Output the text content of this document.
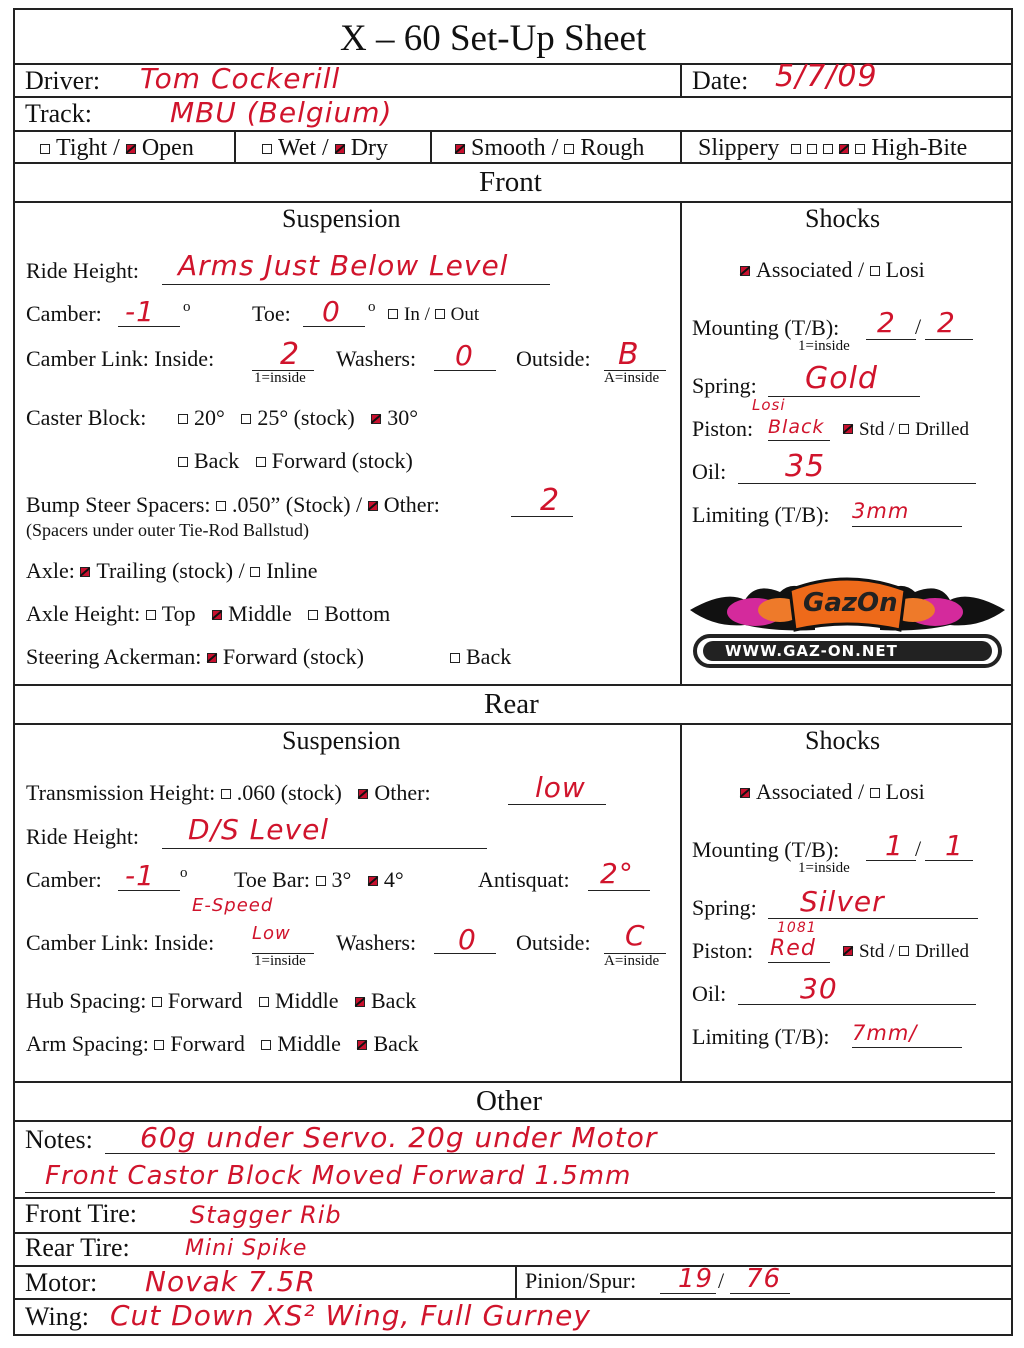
X – 60 Set-Up Sheet
Driver: Tom Cockerill	Date: 5/7/09
Track:	MBU (Belgium)
Tight / Open	Wet / Dry	Smooth / Rough Slippery	High-Bite
Front
Suspension	Shocks
Ride Height: Arms Just Below Level
Camber: -1 o	Toe: 0 o	In / Out
Camber Link: Inside: 2
1=inside
Washers: 0 Outside: B
A=inside
Caster Block:	20° 25° (stock) 30°
Back Forward (stock)
Bump Steer Spacers: .050” (Stock) / Other:	2
(Spacers under outer Tie-Rod Ballstud)
Axle: Trailing (stock) / Inline
Axle Height: Top Middle Bottom
Steering Ackerman: Forward (stock)	Back
Associated / Losi
Mounting (T/B): 2 / 2
1=inside
Spring: Gold
Losi
Piston: Black	Std / Drilled
Oil: 35
Limiting (T/B): 3mm
GazOn
WWW.GAZ-ON.NET
Rear
Suspension	Shocks
Transmission Height: .060 (stock) Other:	low
Ride Height: D/S Level
Camber: -1 o Toe Bar: 3° 4°	Antisquat: 2°
E-Speed
Camber Link: Inside: Low
1=inside
Washers: 0 Outside: C
A=inside
Hub Spacing: Forward Middle Back
Arm Spacing: Forward Middle Back
Associated / Losi
Mounting (T/B): 1 / 1
1=inside
Spring: Silver
1081
Piston: Red	Std / Drilled
Oil:	30
Limiting (T/B): 7mm/
Other
Notes: 60g under Servo. 20g under Motor
Front Castor Block Moved Forward 1.5mm
Front Tire: Stagger Rib
Rear Tire:	Mini Spike
Motor: Novak 7.5R	Pinion/Spur: 19 / 76
Wing: Cut Down XS² Wing, Full Gurney
